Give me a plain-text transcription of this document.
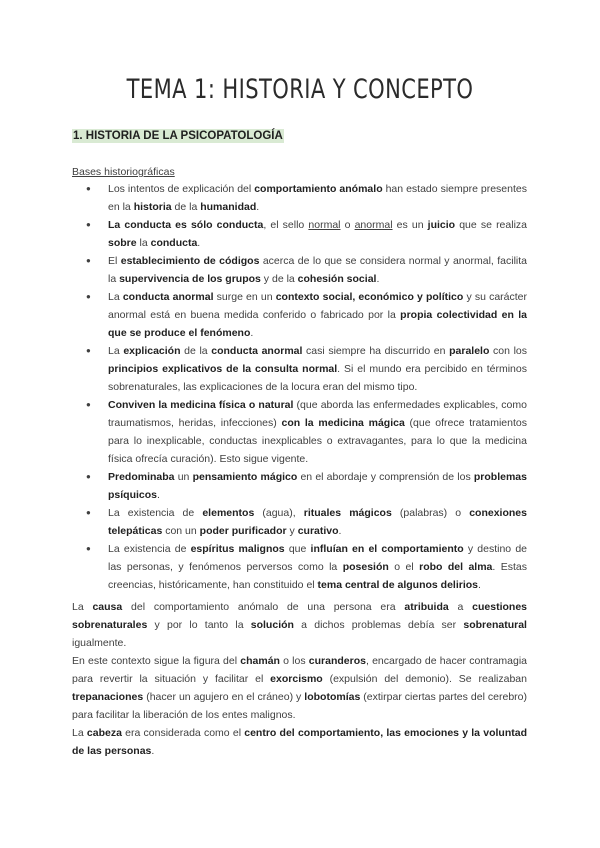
TEMA 1: HISTORIA Y CONCEPTO
1. HISTORIA DE LA PSICOPATOLOGÍA
Bases historiográficas
● Los intentos de explicación del comportamiento anómalo han estado siempre presentes en la historia de la humanidad.
● La conducta es sólo conducta, el sello normal o anormal es un juicio que se realiza sobre la conducta.
● El establecimiento de códigos acerca de lo que se considera normal y anormal, facilita la supervivencia de los grupos y de la cohesión social.
● La conducta anormal surge en un contexto social, económico y político y su carácter anormal está en buena medida conferido o fabricado por la propia colectividad en la que se produce el fenómeno.
● La explicación de la conducta anormal casi siempre ha discurrido en paralelo con los principios explicativos de la consulta normal. Si el mundo era percibido en términos sobrenaturales, las explicaciones de la locura eran del mismo tipo.
● Conviven la medicina física o natural (que aborda las enfermedades explicables, como traumatismos, heridas, infecciones) con la medicina mágica (que ofrece tratamientos para lo inexplicable, conductas inexplicables o extravagantes, para lo que la medicina física ofrecía curación). Esto sigue vigente.
● Predominaba un pensamiento mágico en el abordaje y comprensión de los problemas psíquicos.
● La existencia de elementos (agua), rituales mágicos (palabras) o conexiones telepáticas con un poder purificador y curativo.
● La existencia de espíritus malignos que influían en el comportamiento y destino de las personas, y fenómenos perversos como la posesión o el robo del alma. Estas creencias, históricamente, han constituido el tema central de algunos delirios.

La causa del comportamiento anómalo de una persona era atribuida a cuestiones sobrenaturales y por lo tanto la solución a dichos problemas debía ser sobrenatural igualmente.

En este contexto sigue la figura del chamán o los curanderos, encargado de hacer contramagia para revertir la situación y facilitar el exorcismo (expulsión del demonio). Se realizaban trepanaciones (hacer un agujero en el cráneo) y lobotomías (extirpar ciertas partes del cerebro) para facilitar la liberación de los entes malignos.

La cabeza era considerada como el centro del comportamiento, las emociones y la voluntad de las personas.
